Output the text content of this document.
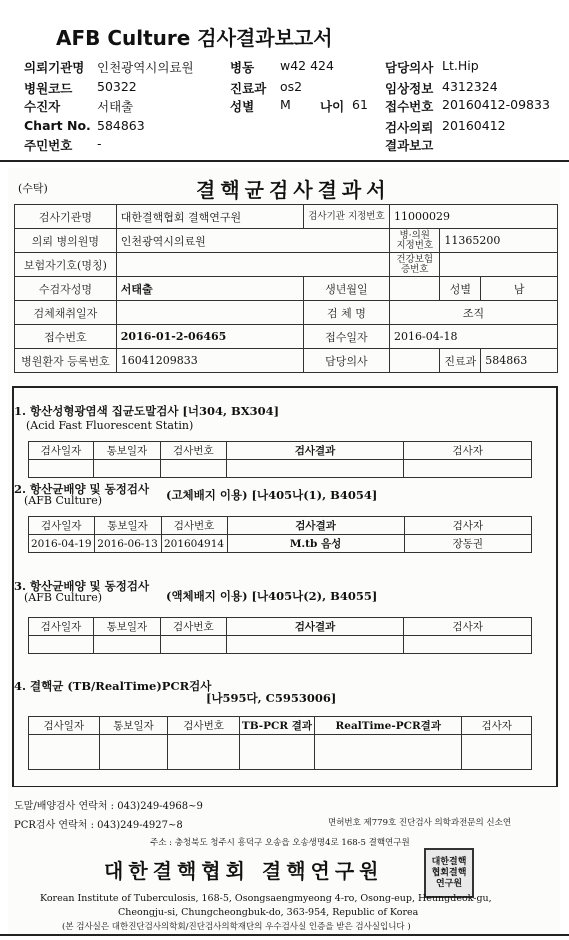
AFB Culture 검사결과보고서
의뢰기관명 인천광역시의료원	병동 w42 424	담당의사 Lt.Hip
병원코드 50322	진료과 os2	임상정보 4312324
수진자	서태출	성별 M 나이 61 접수번호 20160412-09833
Chart No. 584863	검사의뢰 20160412
주민번호 -	결과보고
(수탁)	결핵균검사결과서
검사기관명	대한결핵협회 결핵연구원	검사기관 지정번호	11000029		
의뢰 병의원명	인천광역시의료원		병·의원 지정번호	11365200	
보험자기호(명칭)			건강보험 증번호		
수검자성명	서태출	생년월일		성별	남
검체채취일자		검 체 명	조직		
접수번호	2016-01-2-06465	접수일자	2016-04-18		
병원환자 등록번호	16041209833	담당의사		진료과	584863
1. 항산성형광염색 집균도말검사 [너304, BX304]
(Acid Fast Fluorescent Statin)
검사일자	통보일자	검사번호	검사결과	검사자

2. 항산균배양 및 동정검사
(AFB Culture)	(고체배지 이용) [나405나(1), B4054]
검사일자	통보일자	검사번호	검사결과	검사자
2016-04-19	2016-06-13	201604914	M.tb 음성	장동권
3. 항산균배양 및 동정검사
(AFB Culture)	(액체배지 이용) [나405나(2), B4055]
검사일자	통보일자	검사번호	검사결과	검사자

4. 결핵균 (TB/RealTime)PCR검사
[나595다, C5953006]
검사일자	통보일자	검사번호	TB-PCR 결과	RealTime-PCR결과	검사자

도말/배양검사 연락처 : 043)249-4968~9
PCR검사 연락처 : 043)249-4927~8	면허번호 제779호 진단검사 의학과전문의 신소연
주소 : 충청북도 청주시 흥덕구 오송읍 오송생명4로 168-5 결핵연구원
대한결핵협회 결핵연구원	대한결핵협회결핵연구원
Korean Institute of Tuberculosis, 168-5, Osongsaengmyeong 4-ro, Osong-eup, Heungdeok-gu,
Cheongju-si, Chungcheongbuk-do, 363-954, Republic of Korea
(본 검사실은 대한진단검사의학회/진단검사의학재단의 우수검사실 인증을 받은 검사실입니다 )
